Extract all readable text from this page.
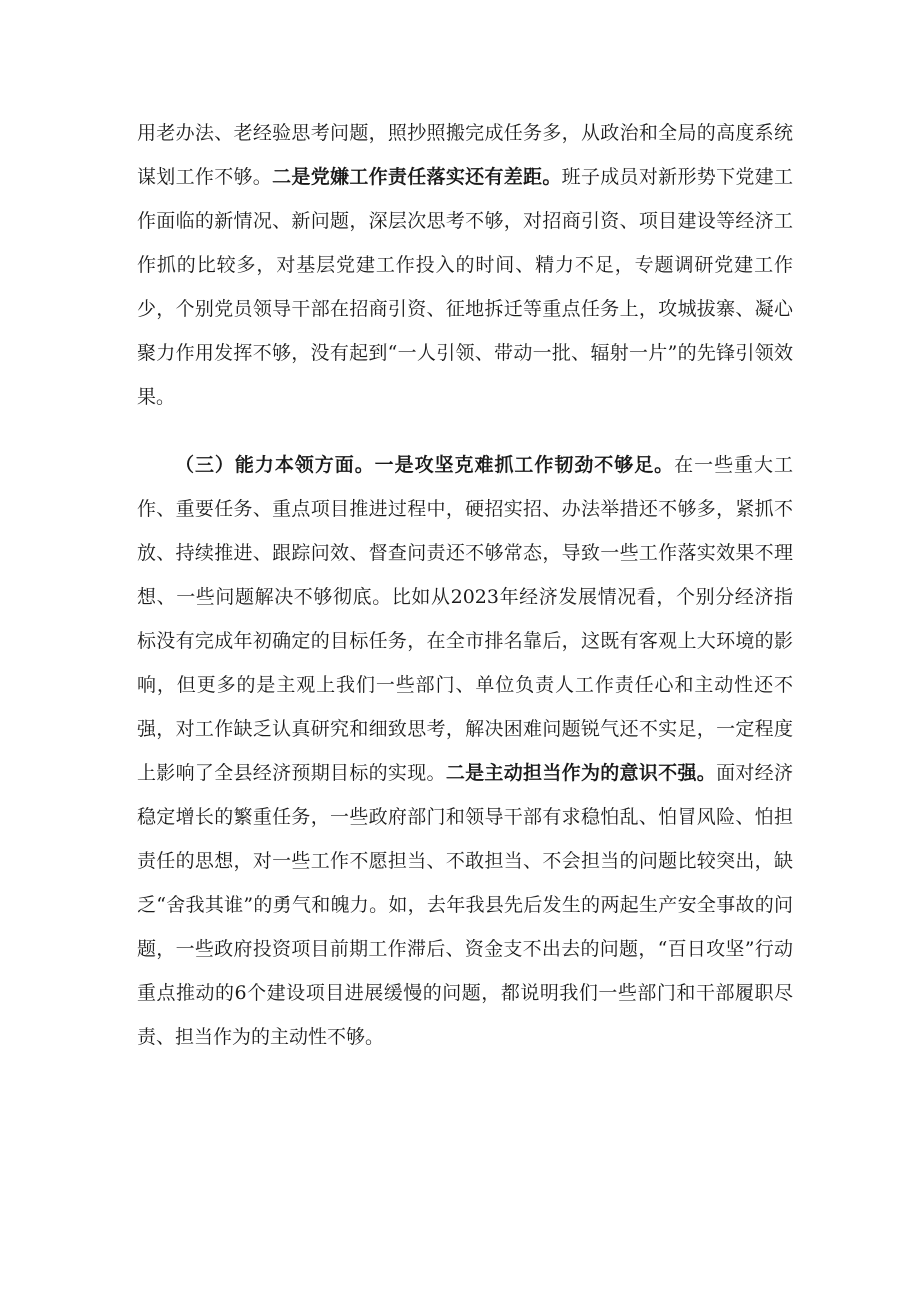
用老办法、老经验思考问题，照抄照搬完成任务多，从政治和全局的高度系统谋划工作不够。二是党嫌工作责任落实还有差距。班子成员对新形势下党建工作面临的新情况、新问题，深层次思考不够，对招商引资、项目建设等经济工作抓的比较多，对基层党建工作投入的时间、精力不足，专题调研党建工作少，个别党员领导干部在招商引资、征地拆迁等重点任务上，攻城拔寨、凝心聚力作用发挥不够，没有起到“一人引领、带动一批、辐射一片”的先锋引领效果。

（三）能力本领方面。一是攻坚克难抓工作韧劲不够足。在一些重大工作、重要任务、重点项目推进过程中，硬招实招、办法举措还不够多，紧抓不放、持续推进、跟踪问效、督查问责还不够常态，导致一些工作落实效果不理想、一些问题解决不够彻底。比如从2023年经济发展情况看，个别分经济指标没有完成年初确定的目标任务，在全市排名靠后，这既有客观上大环境的影响，但更多的是主观上我们一些部门、单位负责人工作责任心和主动性还不强，对工作缺乏认真研究和细致思考，解决困难问题锐气还不实足，一定程度上影响了全县经济预期目标的实现。二是主动担当作为的意识不强。面对经济稳定增长的繁重任务，一些政府部门和领导干部有求稳怕乱、怕冒风险、怕担责任的思想，对一些工作不愿担当、不敢担当、不会担当的问题比较突出，缺乏“舍我其谁”的勇气和魄力。如，去年我县先后发生的两起生产安全事故的问题，一些政府投资项目前期工作滞后、资金支不出去的问题，“百日攻坚”行动重点推动的6个建设项目进展缓慢的问题，都说明我们一些部门和干部履职尽责、担当作为的主动性不够。
